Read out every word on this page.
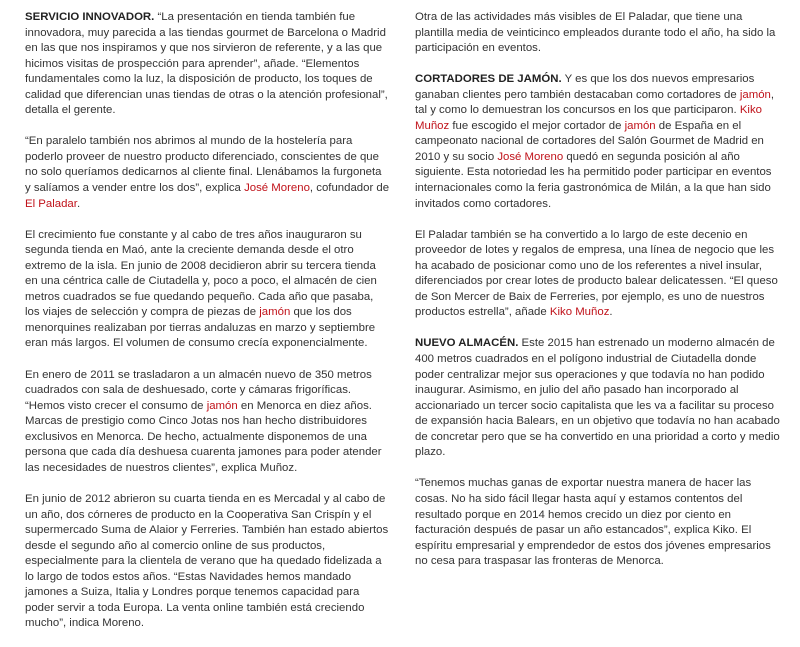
SERVICIO INNOVADOR. “La presentación en tienda también fue innovadora, muy parecida a las tiendas gourmet de Barcelona o Madrid en las que nos inspiramos y que nos sirvieron de referente, y a las que hicimos visitas de prospección para aprender”, añade. “Elementos fundamentales como la luz, la disposición de producto, los toques de calidad que diferencian unas tiendas de otras o la atención profesional”, detalla el gerente.

“En paralelo también nos abrimos al mundo de la hostelería para poderlo proveer de nuestro producto diferenciado, conscientes de que no solo queríamos dedicarnos al cliente final. Llenábamos la furgoneta y salíamos a vender entre los dos”, explica José Moreno, cofundador de El Paladar.

El crecimiento fue constante y al cabo de tres años inauguraron su segunda tienda en Maó, ante la creciente demanda desde el otro extremo de la isla. En junio de 2008 decidieron abrir su tercera tienda en una céntrica calle de Ciutadella y, poco a poco, el almacén de cien metros cuadrados se fue quedando pequeño. Cada año que pasaba, los viajes de selección y compra de piezas de jamón que los dos menorquines realizaban por tierras andaluzas en marzo y septiembre eran más largos. El volumen de consumo crecía exponencialmente.

En enero de 2011 se trasladaron a un almacén nuevo de 350 metros cuadrados con sala de deshuesado, corte y cámaras frigoríficas. “Hemos visto crecer el consumo de jamón en Menorca en diez años. Marcas de prestigio como Cinco Jotas nos han hecho distribuidores exclusivos en Menorca. De hecho, actualmente disponemos de una persona que cada día deshuesa cuarenta jamones para poder atender las necesidades de nuestros clientes”, explica Muñoz.

En junio de 2012 abrieron su cuarta tienda en es Mercadal y al cabo de un año, dos córneres de producto en la Cooperativa San Crispín y el supermercado Suma de Alaior y Ferreries. También han estado abiertos desde el segundo año al comercio online de sus productos, especialmente para la clientela de verano que ha quedado fidelizada a lo largo de todos estos años. “Estas Navidades hemos mandado jamones a Suiza, Italia y Londres porque tenemos capacidad para poder servir a toda Europa. La venta online también está creciendo mucho”, indica Moreno.

Otra de las actividades más visibles de El Paladar, que tiene una plantilla media de veinticinco empleados durante todo el año, ha sido la participación en eventos.

CORTADORES DE JAMÓN. Y es que los dos nuevos empresarios ganaban clientes pero también destacaban como cortadores de jamón, tal y como lo demuestran los concursos en los que participaron. Kiko Muñoz fue escogido el mejor cortador de jamón de España en el campeonato nacional de cortadores del Salón Gourmet de Madrid en 2010 y su socio José Moreno quedó en segunda posición al año siguiente. Esta notoriedad les ha permitido poder participar en eventos internacionales como la feria gastronómica de Milán, a la que han sido invitados como cortadores.

El Paladar también se ha convertido a lo largo de este decenio en proveedor de lotes y regalos de empresa, una línea de negocio que les ha acabado de posicionar como uno de los referentes a nivel insular, diferenciados por crear lotes de producto balear delicatessen. “El queso de Son Mercer de Baix de Ferreries, por ejemplo, es uno de nuestros productos estrella”, añade Kiko Muñoz.

NUEVO ALMACÉN. Este 2015 han estrenado un moderno almacén de 400 metros cuadrados en el polígono industrial de Ciutadella donde poder centralizar mejor sus operaciones y que todavía no han podido inaugurar. Asimismo, en julio del año pasado han incorporado al accionariado un tercer socio capitalista que les va a facilitar su proceso de expansión hacia Balears, en un objetivo que todavía no han acabado de concretar pero que se ha convertido en una prioridad a corto y medio plazo.

“Tenemos muchas ganas de exportar nuestra manera de hacer las cosas. No ha sido fácil llegar hasta aquí y estamos contentos del resultado porque en 2014 hemos crecido un diez por ciento en facturación después de pasar un año estancados”, explica Kiko. El espíritu empresarial y emprendedor de estos dos jóvenes empresarios no cesa para traspasar las fronteras de Menorca.
